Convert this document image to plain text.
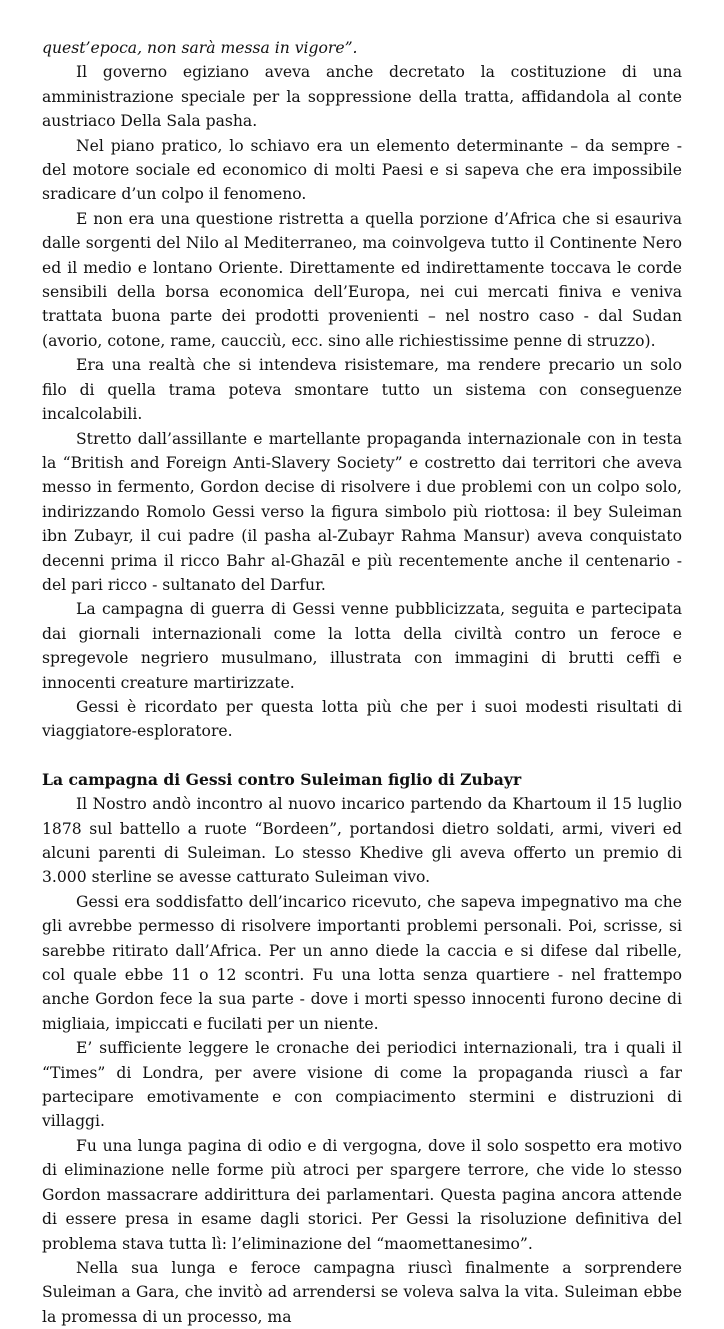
quest’epoca, non sarà messa in vigore”.

Il governo egiziano aveva anche decretato la costituzione di una amministrazione speciale per la soppressione della tratta, affidandola al conte austriaco Della Sala pasha.

Nel piano pratico, lo schiavo era un elemento determinante – da sempre - del motore sociale ed economico di molti Paesi e si sapeva che era impossibile sradicare d’un colpo il fenomeno.

E non era una questione ristretta a quella porzione d’Africa che si esauriva dalle sorgenti del Nilo al Mediterraneo, ma coinvolgeva tutto il Continente Nero ed il medio e lontano Oriente. Direttamente ed indirettamente toccava le corde sensibili della borsa economica dell’Europa, nei cui mercati finiva e veniva trattata buona parte dei prodotti provenienti – nel nostro caso - dal Sudan (avorio, cotone, rame, caucciù, ecc. sino alle richiestissime penne di struzzo).

Era una realtà che si intendeva risistemare, ma rendere precario un solo filo di quella trama poteva smontare tutto un sistema con conseguenze incalcolabili.

Stretto dall’assillante e martellante propaganda internazionale con in testa la “British and Foreign Anti-Slavery Society” e costretto dai territori che aveva messo in fermento, Gordon decise di risolvere i due problemi con un colpo solo, indirizzando Romolo Gessi verso la figura simbolo più riottosa: il bey Suleiman ibn Zubayr, il cui padre (il pasha al-Zubayr Rahma Mansur) aveva conquistato decenni prima il ricco Bahr al-Ghazāl e più recentemente anche il centenario - del pari ricco - sultanato del Darfur.

La campagna di guerra di Gessi venne pubblicizzata, seguita e partecipata dai giornali internazionali come la lotta della civiltà contro un feroce e spregevole negriero musulmano, illustrata con immagini di brutti ceffi e innocenti creature martirizzate.

Gessi è ricordato per questa lotta più che per i suoi modesti risultati di viaggiatore-esploratore.

La campagna di Gessi contro Suleiman figlio di Zubayr

Il Nostro andò incontro al nuovo incarico partendo da Khartoum il 15 luglio 1878 sul battello a ruote “Bordeen”, portandosi dietro soldati, armi, viveri ed alcuni parenti di Suleiman. Lo stesso Khedive gli aveva offerto un premio di 3.000 sterline se avesse catturato Suleiman vivo.

Gessi era soddisfatto dell’incarico ricevuto, che sapeva impegnativo ma che gli avrebbe permesso di risolvere importanti problemi personali. Poi, scrisse, si sarebbe ritirato dall’Africa. Per un anno diede la caccia e si difese dal ribelle, col quale ebbe 11 o 12 scontri. Fu una lotta senza quartiere - nel frattempo anche Gordon fece la sua parte - dove i morti spesso innocenti furono decine di migliaia, impiccati e fucilati per un niente.

E’ sufficiente leggere le cronache dei periodici internazionali, tra i quali il “Times” di Londra, per avere visione di come la propaganda riuscì a far partecipare emotivamente e con compiacimento stermini e distruzioni di villaggi.

Fu una lunga pagina di odio e di vergogna, dove il solo sospetto era motivo di eliminazione nelle forme più atroci per spargere terrore, che vide lo stesso Gordon massacrare addirittura dei parlamentari. Questa pagina ancora attende di essere presa in esame dagli storici. Per Gessi la risoluzione definitiva del problema stava tutta lì: l’eliminazione del “maomettanesimo”.

Nella sua lunga e feroce campagna riuscì finalmente a sorprendere Suleiman a Gara, che invitò ad arrendersi se voleva salva la vita. Suleiman ebbe la promessa di un processo, ma
